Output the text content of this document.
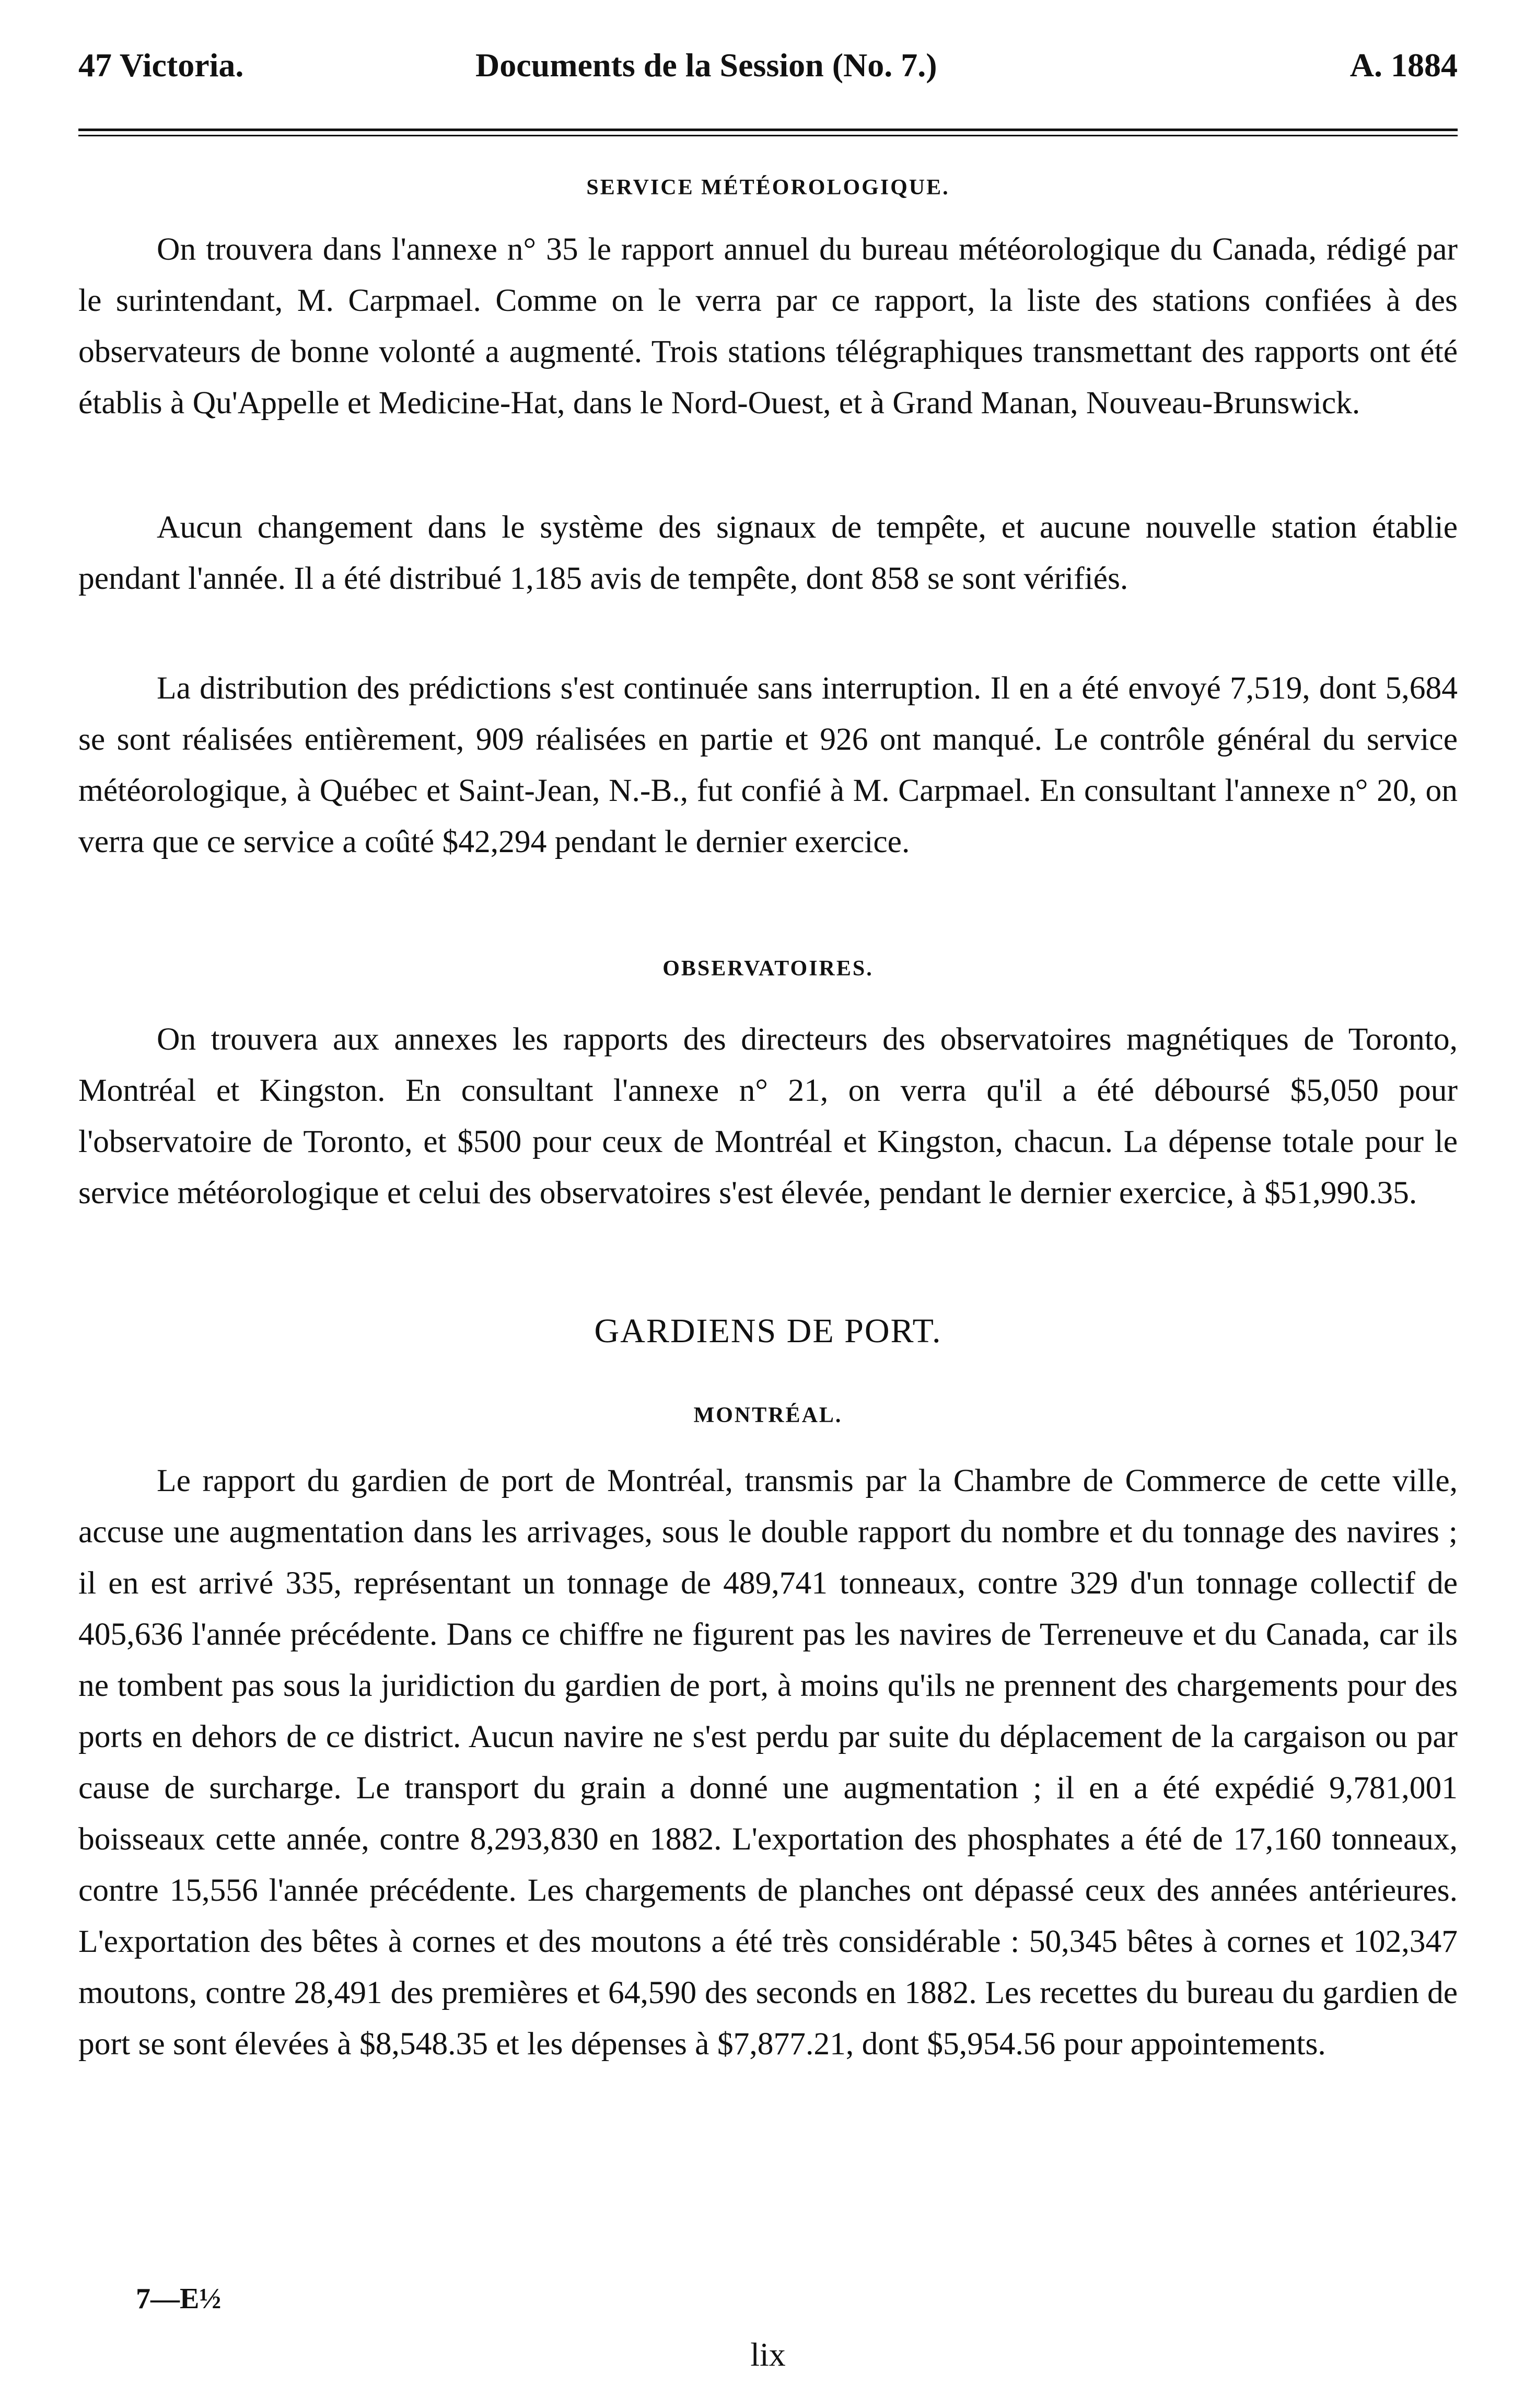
47 Victoria.	Documents de la Session (No. 7.)	A. 1884
SERVICE MÉTÉOROLOGIQUE.
On trouvera dans l'annexe n° 35 le rapport annuel du bureau météorologique du Canada, rédigé par le surintendant, M. Carpmael. Comme on le verra par ce rapport, la liste des stations confiées à des observateurs de bonne volonté a augmenté. Trois stations télégraphiques transmettant des rapports ont été établis à Qu'Appelle et Medicine-Hat, dans le Nord-Ouest, et à Grand Manan, Nouveau-Brunswick.
Aucun changement dans le système des signaux de tempête, et aucune nouvelle station établie pendant l'année. Il a été distribué 1,185 avis de tempête, dont 858 se sont vérifiés.
La distribution des prédictions s'est continuée sans interruption. Il en a été envoyé 7,519, dont 5,684 se sont réalisées entièrement, 909 réalisées en partie et 926 ont manqué. Le contrôle général du service météorologique, à Québec et Saint-Jean, N.-B., fut confié à M. Carpmael. En consultant l'annexe n° 20, on verra que ce service a coûté $42,294 pendant le dernier exercice.
OBSERVATOIRES.
On trouvera aux annexes les rapports des directeurs des observatoires magnétiques de Toronto, Montréal et Kingston. En consultant l'annexe n° 21, on verra qu'il a été déboursé $5,050 pour l'observatoire de Toronto, et $500 pour ceux de Montréal et Kingston, chacun. La dépense totale pour le service météorologique et celui des observatoires s'est élevée, pendant le dernier exercice, à $51,990.35.
GARDIENS DE PORT.
MONTRÉAL.
Le rapport du gardien de port de Montréal, transmis par la Chambre de Commerce de cette ville, accuse une augmentation dans les arrivages, sous le double rapport du nombre et du tonnage des navires ; il en est arrivé 335, représentant un tonnage de 489,741 tonneaux, contre 329 d'un tonnage collectif de 405,636 l'année précédente. Dans ce chiffre ne figurent pas les navires de Terreneuve et du Canada, car ils ne tombent pas sous la juridiction du gardien de port, à moins qu'ils ne prennent des chargements pour des ports en dehors de ce district. Aucun navire ne s'est perdu par suite du déplacement de la cargaison ou par cause de surcharge. Le transport du grain a donné une augmentation ; il en a été expédié 9,781,001 boisseaux cette année, contre 8,293,830 en 1882. L'exportation des phosphates a été de 17,160 tonneaux, contre 15,556 l'année précédente. Les chargements de planches ont dépassé ceux des années antérieures. L'exportation des bêtes à cornes et des moutons a été très considérable : 50,345 bêtes à cornes et 102,347 moutons, contre 28,491 des premières et 64,590 des seconds en 1882. Les recettes du bureau du gardien de port se sont élevées à $8,548.35 et les dépenses à $7,877.21, dont $5,954.56 pour appointements.
7—E½
lix
